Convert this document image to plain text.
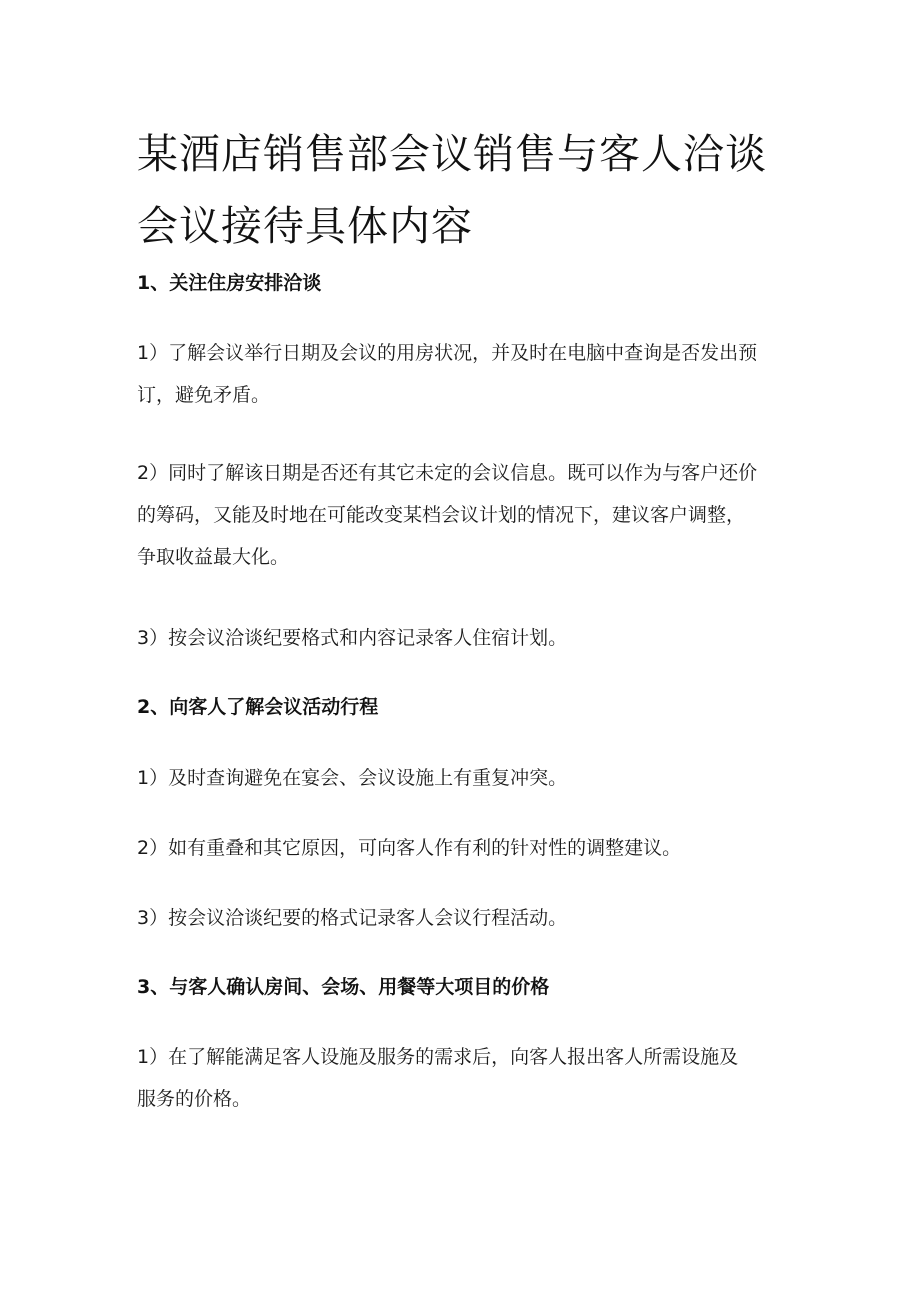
某酒店销售部会议销售与客人洽谈
会议接待具体内容
1、关注住房安排洽谈

1）了解会议举行日期及会议的用房状况，并及时在电脑中查询是否发出预
订，避免矛盾。

2）同时了解该日期是否还有其它未定的会议信息。既可以作为与客户还价
的筹码，又能及时地在可能改变某档会议计划的情况下，建议客户调整，
争取收益最大化。

3）按会议洽谈纪要格式和内容记录客人住宿计划。

2、向客人了解会议活动行程

1）及时查询避免在宴会、会议设施上有重复冲突。

2）如有重叠和其它原因，可向客人作有利的针对性的调整建议。

3）按会议洽谈纪要的格式记录客人会议行程活动。

3、与客人确认房间、会场、用餐等大项目的价格

1）在了解能满足客人设施及服务的需求后，向客人报出客人所需设施及
服务的价格。
